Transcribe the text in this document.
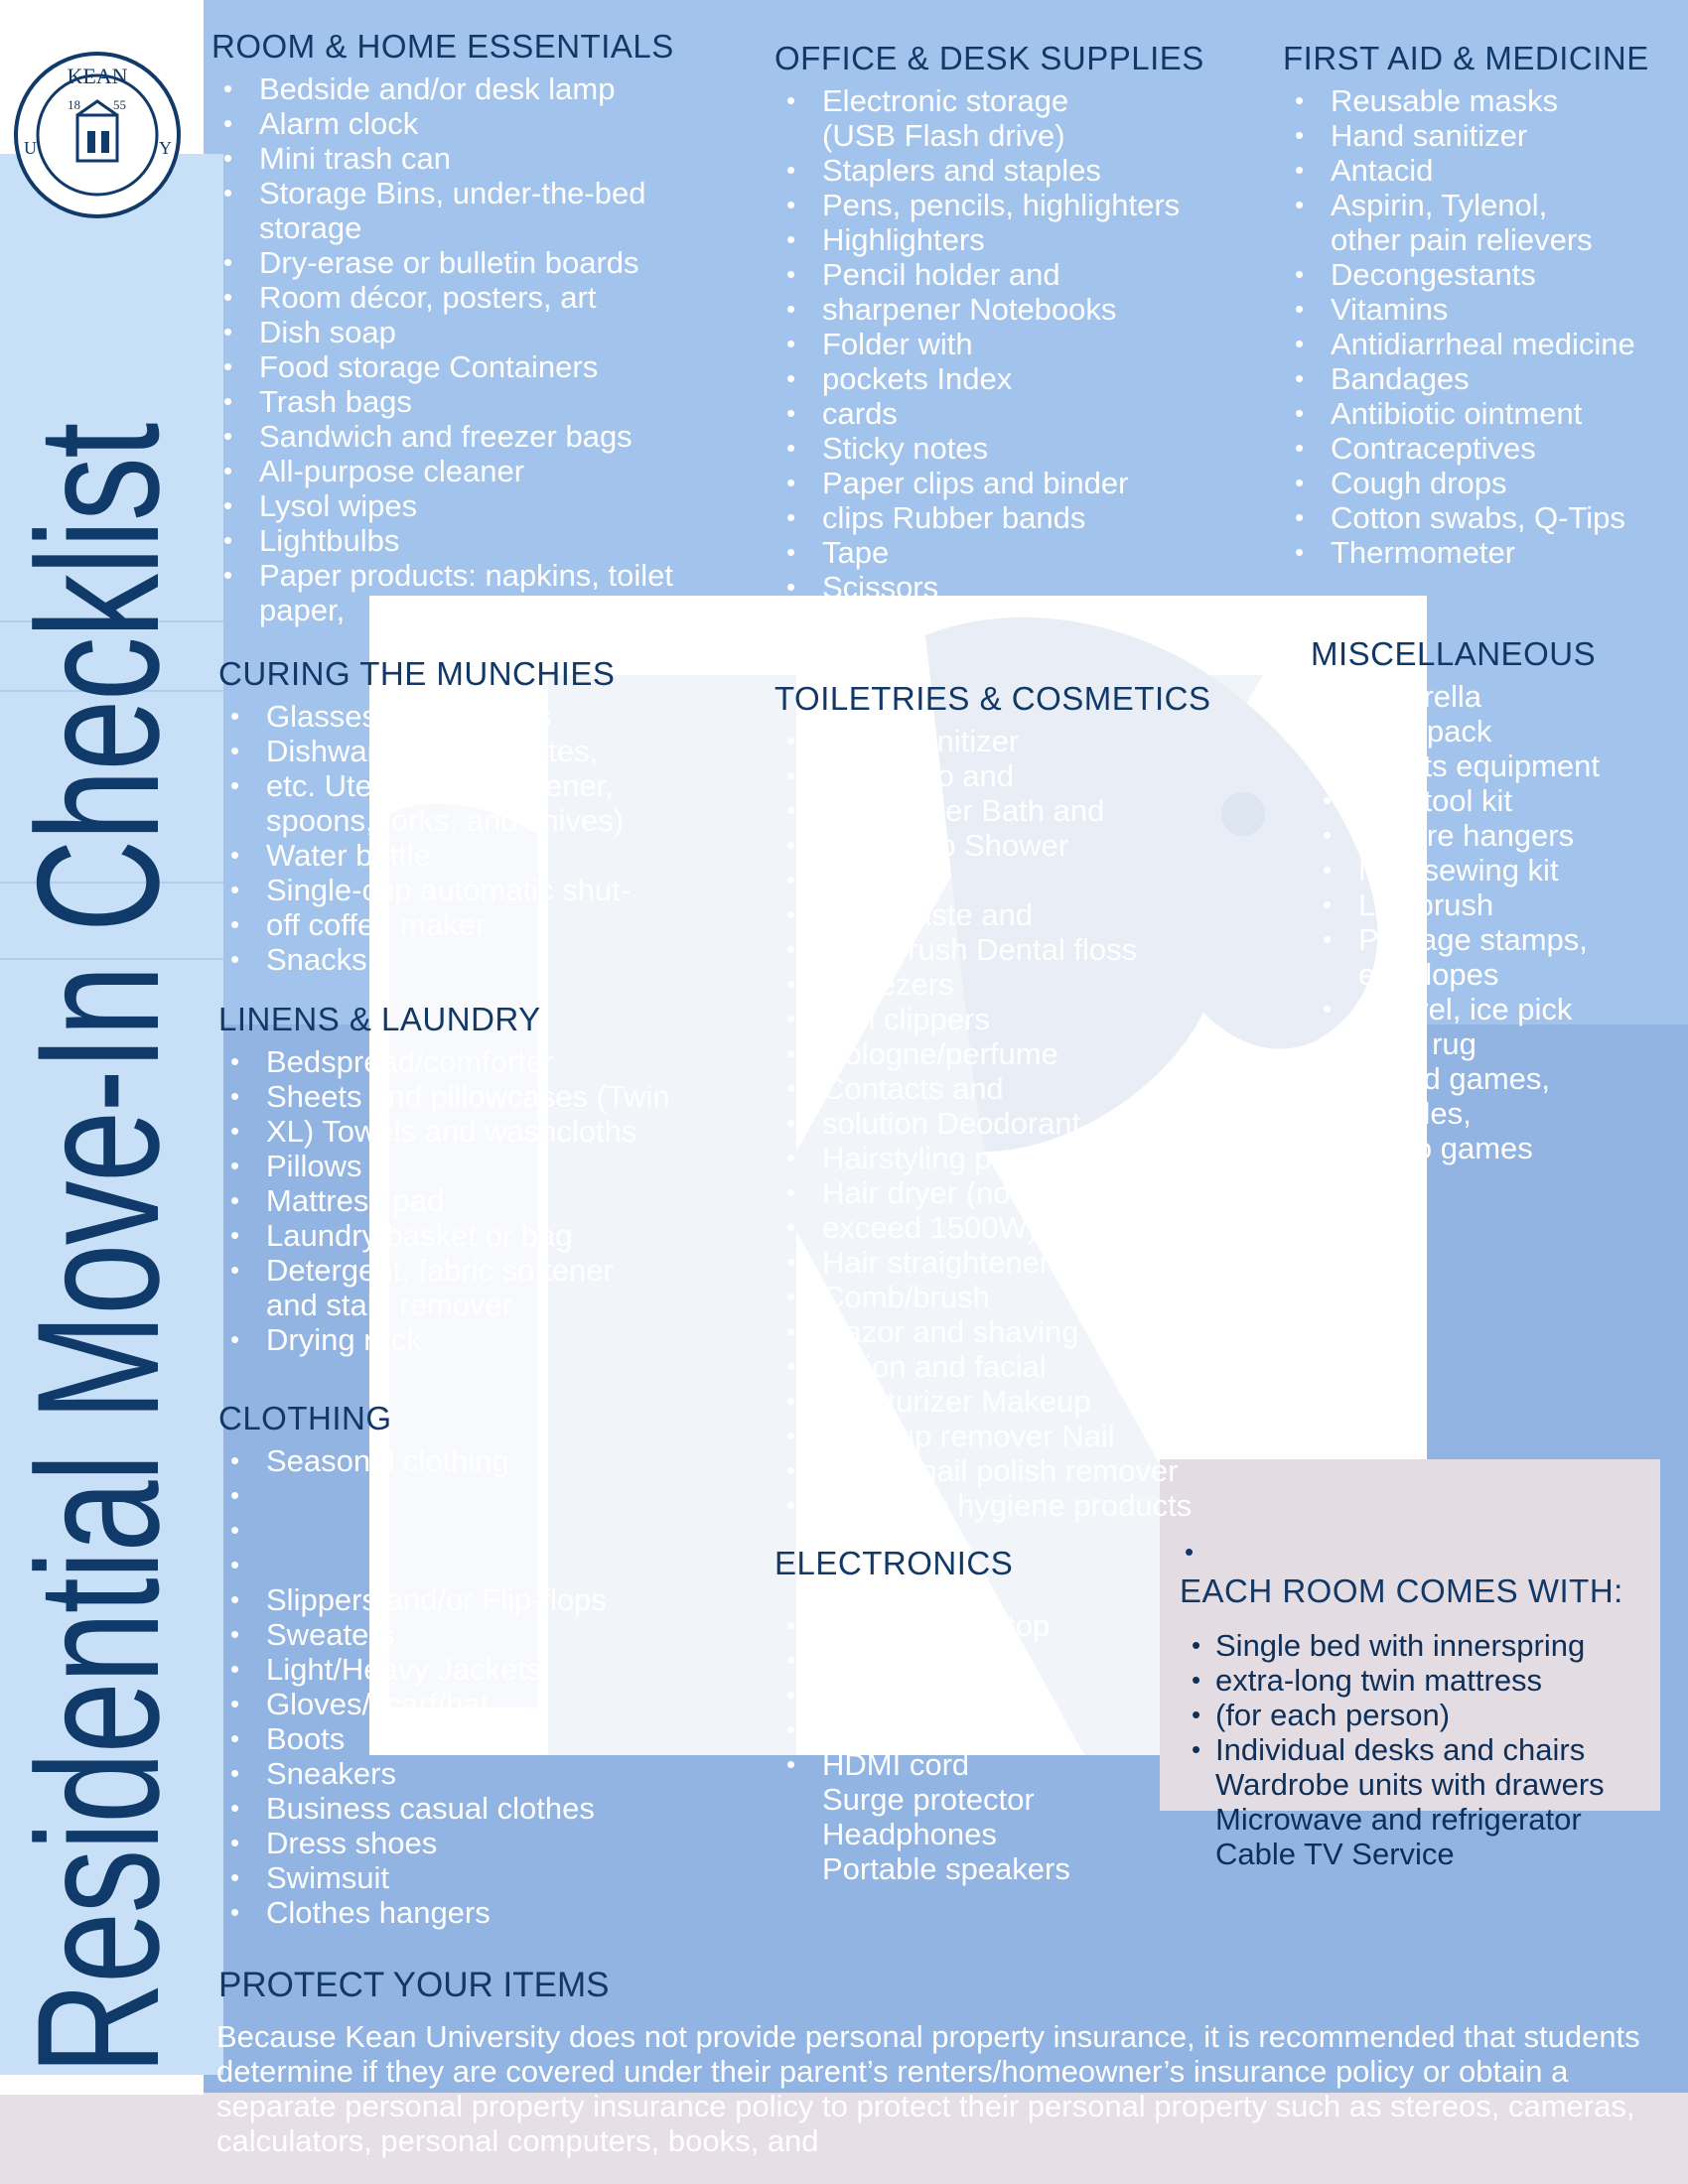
KEAN
18	55
U	Y
Residential Move-In Checklist
ROOM & HOME ESSENTIALS
• Bedside and/or desk lamp
• Alarm clock
• Mini trash can
• Storage Bins, under-the-bed
storage
• Dry-erase or bulletin boards
• Room décor, posters, art
• Dish soap
• Food storage Containers
• Trash bags
• Sandwich and freezer bags
• All-purpose cleaner
• Lysol wipes
• Lightbulbs
• Paper products: napkins, toilet
paper,
OFFICE & DESK SUPPLIES
• Electronic storage
(USB Flash drive)
• Staplers and staples
• Pens, pencils, highlighters
• Highlighters
• Pencil holder and
• sharpener Notebooks
• Folder with
• pockets Index
• cards
• Sticky notes
• Paper clips and binder
• clips Rubber bands
• Tape
• Scissors
FIRST AID & MEDICINE
• Reusable masks
• Hand sanitizer
• Antacid
• Aspirin, Tylenol,
other pain relievers
• Decongestants
• Vitamins
• Antidiarrheal medicine
• Bandages
• Antibiotic ointment
• Contraceptives
• Cough drops
• Cotton swabs, Q-Tips
• Thermometer
CURING THE MUNCHIES
• Glasses, mugs, cups
• Dishware, bowls, plates,
• etc. Utensils (can opener,
spoons, forks, and knives)
• Water bottle
• Single-cup automatic shut-
• off coffee maker
• Snacks
TOILETRIES & COSMETICS
• Hand sanitizer
• Shampoo and
• conditioner Bath and
• face soap Shower
• caddy
• Toothpaste and
• toothbrush Dental floss
• Tweezers
• Nail clippers
• Cologne/perfume
• Contacts and
• solution Deodorant
• Hairstyling products
• Hair dryer (not to
• exceed 1500W)
• Hair straightener
• Comb/brush
• Razor and shaving cream
• Lotion and facial
• moisturizer Makeup
• Makeup remover Nail
• polish, nail polish remover
• Feminine hygiene products
MISCELLANEOUS
• Umbrella
• Backpack
• Sports equipment
• Mini tool kit
• Picture hangers
• Mini sewing kit
• Lint brush
• Postage stamps,
envelopes
• Shovel, ice pick
• Area rug
• Board games,
puzzles,
video games
LINENS & LAUNDRY
• Bedspread/comforter
• Sheets and pillowcases (Twin
• XL) Towels and washcloths
• Pillows
• Mattress pad
• Laundry basket or bag
• Detergent, fabric softener
and stain remover
• Drying rack
CLOTHING
• Seasonal clothing
•
•
•
• Slippers and/or Flip-flops
• Sweaters
• Light/Heavy Jackets
• Gloves/scarf/hat
• Boots
• Sneakers
• Business casual clothes
• Dress shoes
• Swimsuit
• Clothes hangers
ELECTRONICS
• Computer/laptop
• Keyboard
• Mouse
• Printer
• HDMI cord
Surge protector
Headphones
Portable speakers
•
EACH ROOM COMES WITH:
• Single bed with innerspring
• extra-long twin mattress
• (for each person)
• Individual desks and chairs
Wardrobe units with drawers
Microwave and refrigerator
Cable TV Service
PROTECT YOUR ITEMS

Because Kean University does not provide personal property insurance, it is recommended that students determine if they are covered under their parent’s renters/homeowner’s insurance policy or obtain a separate personal property insurance policy to protect their personal property such as stereos, cameras, calculators, personal computers, books, and
